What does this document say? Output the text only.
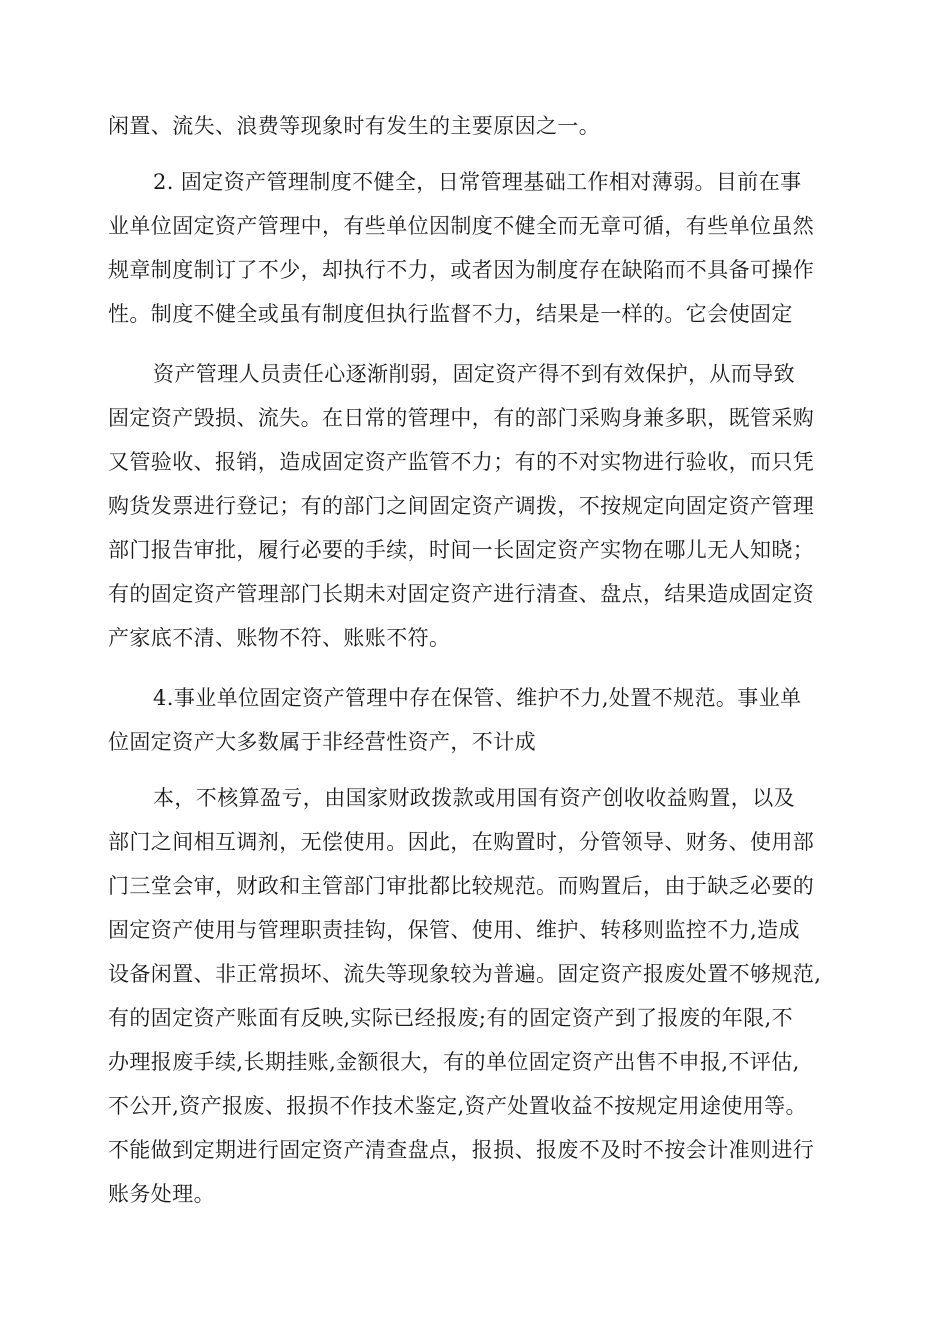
闲置、流失、浪费等现象时有发生的主要原因之一。
2. 固定资产管理制度不健全，日常管理基础工作相对薄弱。目前在事
业单位固定资产管理中，有些单位因制度不健全而无章可循，有些单位虽然
规章制度制订了不少，却执行不力，或者因为制度存在缺陷而不具备可操作
性。制度不健全或虽有制度但执行监督不力，结果是一样的。它会使固定
资产管理人员责任心逐渐削弱，固定资产得不到有效保护，从而导致
固定资产毁损、流失。在日常的管理中，有的部门采购身兼多职，既管采购
又管验收、报销，造成固定资产监管不力；有的不对实物进行验收，而只凭
购货发票进行登记；有的部门之间固定资产调拨，不按规定向固定资产管理
部门报告审批，履行必要的手续，时间一长固定资产实物在哪儿无人知晓；
有的固定资产管理部门长期未对固定资产进行清查、盘点，结果造成固定资
产家底不清、账物不符、账账不符。
4.事业单位固定资产管理中存在保管、维护不力,处置不规范。事业单
位固定资产大多数属于非经营性资产，不计成
本，不核算盈亏，由国家财政拨款或用国有资产创收收益购置，以及
部门之间相互调剂，无偿使用。因此，在购置时，分管领导、财务、使用部
门三堂会审，财政和主管部门审批都比较规范。而购置后，由于缺乏必要的
固定资产使用与管理职责挂钩，保管、使用、维护、转移则监控不力,造成
设备闲置、非正常损坏、流失等现象较为普遍。固定资产报废处置不够规范,
有的固定资产账面有反映,实际已经报废;有的固定资产到了报废的年限,不
办理报废手续,长期挂账,金额很大，有的单位固定资产出售不申报,不评估,
不公开,资产报废、报损不作技术鉴定,资产处置收益不按规定用途使用等。
不能做到定期进行固定资产清查盘点，报损、报废不及时不按会计准则进行
账务处理。
